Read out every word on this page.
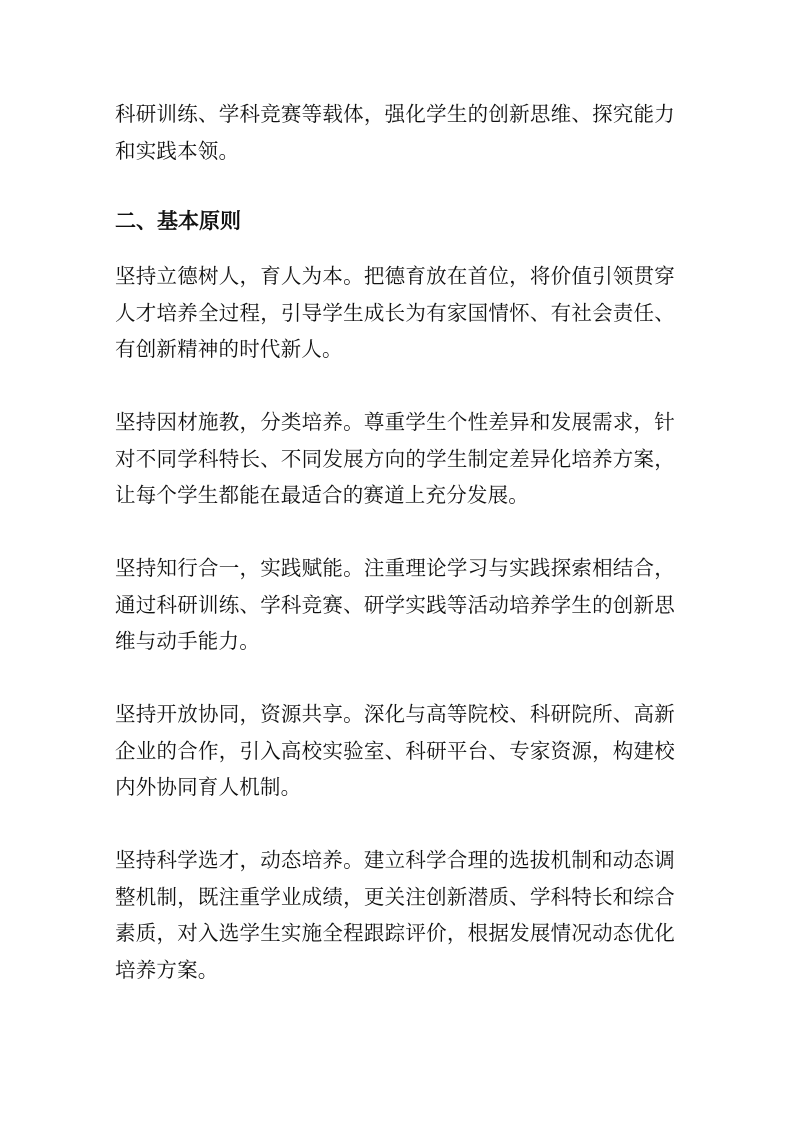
科研训练、学科竞赛等载体，强化学生的创新思维、探究能力和实践本领。

二、基本原则

坚持立德树人，育人为本。把德育放在首位，将价值引领贯穿人才培养全过程，引导学生成长为有家国情怀、有社会责任、有创新精神的时代新人。

坚持因材施教，分类培养。尊重学生个性差异和发展需求，针对不同学科特长、不同发展方向的学生制定差异化培养方案，让每个学生都能在最适合的赛道上充分发展。

坚持知行合一，实践赋能。注重理论学习与实践探索相结合，通过科研训练、学科竞赛、研学实践等活动培养学生的创新思维与动手能力。

坚持开放协同，资源共享。深化与高等院校、科研院所、高新企业的合作，引入高校实验室、科研平台、专家资源，构建校内外协同育人机制。

坚持科学选才，动态培养。建立科学合理的选拔机制和动态调整机制，既注重学业成绩，更关注创新潜质、学科特长和综合素质，对入选学生实施全程跟踪评价，根据发展情况动态优化培养方案。
